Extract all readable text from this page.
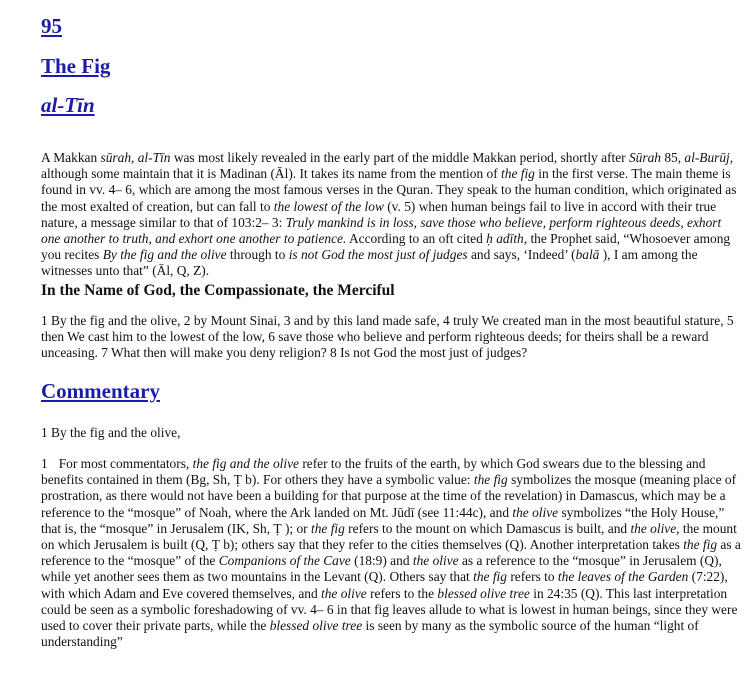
95
The Fig
al-Tīn

A Makkan sūrah, al-Tīn was most likely revealed in the early part of the middle Makkan period, shortly after Sūrah 85, al-Burūj, although some maintain that it is Madinan (Āl). It takes its name from the mention of the fig in the first verse. The main theme is found in vv. 4– 6, which are among the most famous verses in the Quran. They speak to the human condition, which originated as the most exalted of creation, but can fall to the lowest of the low (v. 5) when human beings fail to live in accord with their true nature, a message similar to that of 103:2– 3: Truly mankind is in loss, save those who believe, perform righteous deeds, exhort one another to truth, and exhort one another to patience. According to an oft cited ḥ adīth, the Prophet said, “Whosoever among you recites By the fig and the olive through to is not God the most just of judges and says, ‘Indeed’ (balā ), I am among the witnesses unto that” (Āl, Q, Z).

In the Name of God, the Compassionate, the Merciful

1 By the fig and the olive, 2 by Mount Sinai, 3 and by this land made safe, 4 truly We created man in the most beautiful stature, 5 then We cast him to the lowest of the low, 6 save those who believe and perform righteous deeds; for theirs shall be a reward unceasing. 7 What then will make you deny religion? 8 Is not God the most just of judges?

Commentary

1 By the fig and the olive,

1 For most commentators, the fig and the olive refer to the fruits of the earth, by which God swears due to the blessing and benefits contained in them (Bg, Sh, Ṭ b). For others they have a symbolic value: the fig symbolizes the mosque (meaning place of prostration, as there would not have been a building for that purpose at the time of the revelation) in Damascus, which may be a reference to the “mosque” of Noah, where the Ark landed on Mt. Jūdī (see 11:44c), and the olive symbolizes “the Holy House,” that is, the “mosque” in Jerusalem (IK, Sh, Ṭ ); or the fig refers to the mount on which Damascus is built, and the olive, the mount on which Jerusalem is built (Q, Ṭ b); others say that they refer to the cities themselves (Q). Another interpretation takes the fig as a reference to the “mosque” of the Companions of the Cave (18:9) and the olive as a reference to the “mosque” in Jerusalem (Q), while yet another sees them as two mountains in the Levant (Q). Others say that the fig refers to the leaves of the Garden (7:22), with which Adam and Eve covered themselves, and the olive refers to the blessed olive tree in 24:35 (Q). This last interpretation could be seen as a symbolic foreshadowing of vv. 4– 6 in that fig leaves allude to what is lowest in human beings, since they were used to cover their private parts, while the blessed olive tree is seen by many as the symbolic source of the human “light of understanding”
